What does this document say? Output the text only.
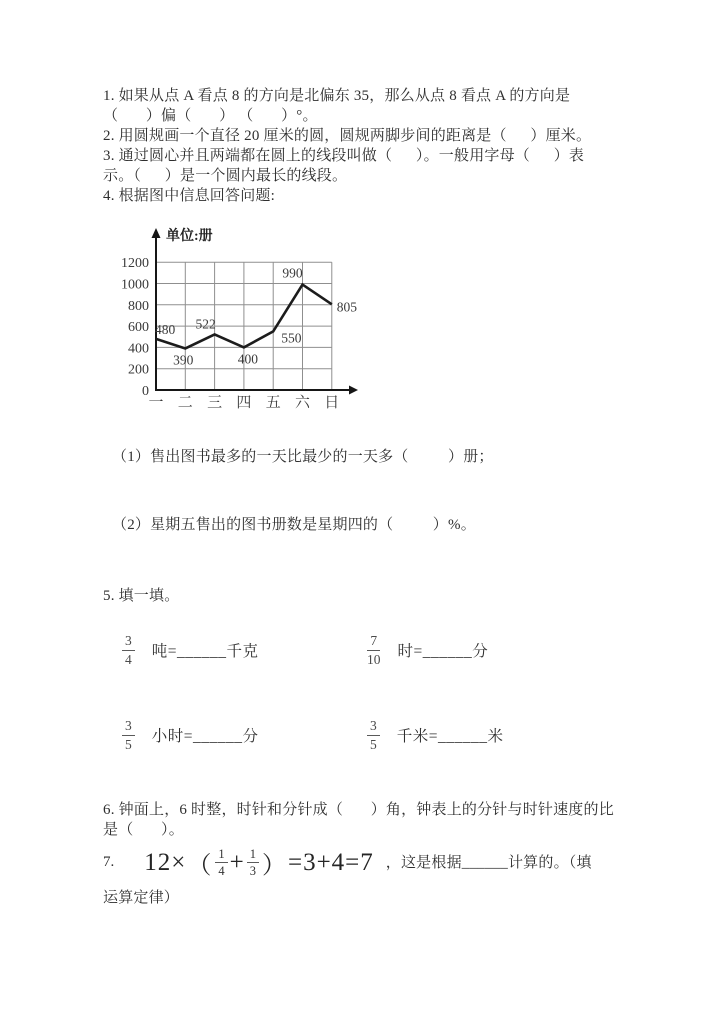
1. 如果从点 A 看点 8 的方向是北偏东 35，那么从点 8 看点 A 的方向是
（       ）偏（       ） （       ）°。
2. 用圆规画一个直径 20 厘米的圆，圆规两脚步间的距离是（      ）厘米。
3. 通过圆心并且两端都在圆上的线段叫做（      ）。一般用字母（      ）表
示。（      ）是一个圆内最长的线段。
4. 根据图中信息回答问题:
480
390
522
400
550
990
805
0
200
400
600
800
1000
1200
一 二 三 四 五 六 日
单位:册
（1）售出图书最多的一天比最少的一天多（          ）册；
（2）星期五售出的图书册数是星期四的（          ）%。
5. 填一填。
$\frac{3}{4}$ 吨=______千克	$\frac{7}{10}$ 时=______分
$\frac{3}{5}$ 小时=______分	$\frac{3}{5}$ 千米=______米
6. 钟面上，6 时整，时针和分针成（       ）角，钟表上的分针与时针速度的比
是（       ）。
7. 12× （ $\frac{1}{4} + \frac{1}{3}$ ） =3+4=7 ，这是根据______计算的。（填
运算定律）
